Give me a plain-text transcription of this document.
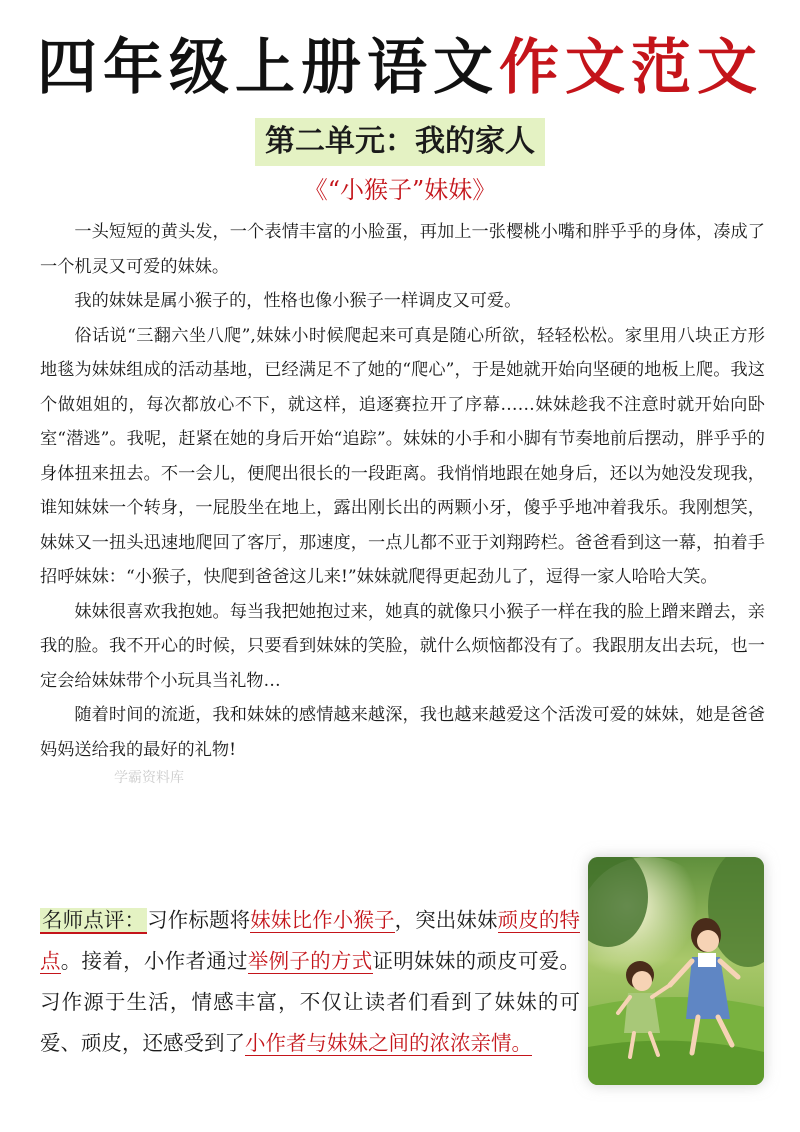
四年级上册语文作文范文
第二单元：我的家人
《“小猴子”妹妹》

一头短短的黄头发，一个表情丰富的小脸蛋，再加上一张樱桃小嘴和胖乎乎的身体，凑成了一个机灵又可爱的妹妹。

我的妹妹是属小猴子的，性格也像小猴子一样调皮又可爱。

俗话说“三翻六坐八爬”,妹妹小时候爬起来可真是随心所欲，轻轻松松。家里用八块正方形地毯为妹妹组成的活动基地，已经满足不了她的“爬心”，于是她就开始向坚硬的地板上爬。我这个做姐姐的，每次都放心不下，就这样，追逐赛拉开了序幕……妹妹趁我不注意时就开始向卧室“潜逃”。我呢，赶紧在她的身后开始“追踪”。妹妹的小手和小脚有节奏地前后摆动，胖乎乎的身体扭来扭去。不一会儿，便爬出很长的一段距离。我悄悄地跟在她身后，还以为她没发现我，谁知妹妹一个转身，一屁股坐在地上，露出刚长出的两颗小牙，傻乎乎地冲着我乐。我刚想笑，妹妹又一扭头迅速地爬回了客厅，那速度，一点儿都不亚于刘翔跨栏。爸爸看到这一幕，拍着手招呼妹妹：“小猴子，快爬到爸爸这儿来!”妹妹就爬得更起劲儿了，逗得一家人哈哈大笑。

妹妹很喜欢我抱她。每当我把她抱过来，她真的就像只小猴子一样在我的脸上蹭来蹭去，亲我的脸。我不开心的时候，只要看到妹妹的笑脸，就什么烦恼都没有了。我跟朋友出去玩，也一定会给妹妹带个小玩具当礼物…

随着时间的流逝，我和妹妹的感情越来越深，我也越来越爱这个活泼可爱的妹妹，她是爸爸妈妈送给我的最好的礼物!

学霸资料库
名师点评：习作标题将妹妹比作小猴子，突出妹妹顽皮的特点。接着，小作者通过举例子的方式证明妹妹的顽皮可爱。习作源于生活，情感丰富，不仅让读者们看到了妹妹的可爱、顽皮，还感受到了小作者与妹妹之间的浓浓亲情。
